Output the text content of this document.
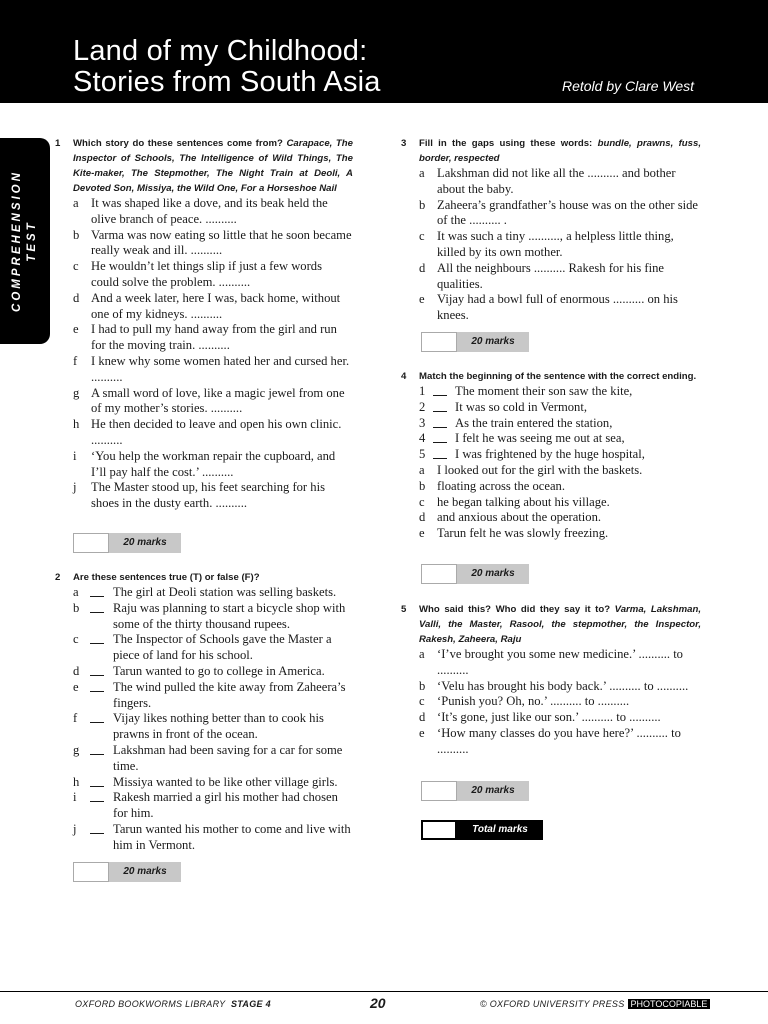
Land of my Childhood:
Stories from South Asia	Retold by Clare West
COMPREHENSION TEST
1	Which story do these sentences come from? Carapace, The Inspector of Schools, The Intelligence of Wild Things, The Kite-maker, The Stepmother, The Night Train at Deoli, A Devoted Son, Missiya, the Wild One, For a Horseshoe Nail
a It was shaped like a dove, and its beak held the olive branch of peace. ..........
b Varma was now eating so little that he soon became really weak and ill. ..........
c He wouldn’t let things slip if just a few words could solve the problem. ..........
d And a week later, here I was, back home, without one of my kidneys. ..........
e I had to pull my hand away from the girl and run for the moving train. ..........
f	I knew why some women hated her and cursed her. ..........
g A small word of love, like a magic jewel from one of my mother’s stories. ..........
h He then decided to leave and open his own clinic. ..........
i	‘You help the workman repair the cupboard, and I’ll pay half the cost.’ ..........
j	The Master stood up, his feet searching for his shoes in the dusty earth. ..........
20 marks
2	Are these sentences true (T) or false (F)?
a	The girl at Deoli station was selling baskets.
b	Raju was planning to start a bicycle shop with some of the thirty thousand rupees.
c	The Inspector of Schools gave the Master a piece of land for his school.
d	Tarun wanted to go to college in America.
e	The wind pulled the kite away from Zaheera’s fingers.
f	Vijay likes nothing better than to cook his prawns in front of the ocean.
g	Lakshman had been saving for a car for some time.
h	Missiya wanted to be like other village girls.
i	Rakesh married a girl his mother had chosen for him.
j	Tarun wanted his mother to come and live with him in Vermont.
20 marks
3	Fill in the gaps using these words: bundle, prawns, fuss, border, respected
a Lakshman did not like all the .......... and bother about the baby.
b Zaheera’s grandfather’s house was on the other side of the .......... .
c It was such a tiny .........., a helpless little thing, killed by its own mother.
d All the neighbours .......... Rakesh for his fine qualities.
e Vijay had a bowl full of enormous .......... on his knees.
20 marks
4	Match the beginning of the sentence with the correct ending.
1	The moment their son saw the kite,
2	It was so cold in Vermont,
3	As the train entered the station,
4	I felt he was seeing me out at sea,
5	I was frightened by the huge hospital,
a I looked out for the girl with the baskets.
b floating across the ocean.
c he began talking about his village.
d and anxious about the operation.
e Tarun felt he was slowly freezing.
20 marks
5	Who said this? Who did they say it to? Varma, Lakshman, Valli, the Master, Rasool, the stepmother, the Inspector, Rakesh, Zaheera, Raju
a ‘I’ve brought you some new medicine.’ .......... to ..........
b ‘Velu has brought his body back.’ .......... to ..........
c ‘Punish you? Oh, no.’ .......... to ..........
d ‘It’s gone, just like our son.’ .......... to ..........
e ‘How many classes do you have here?’ .......... to ..........
20 marks
Total marks
OXFORD BOOKWORMS LIBRARY STAGE 4	20	© OXFORD UNIVERSITY PRESS PHOTOCOPIABLE
